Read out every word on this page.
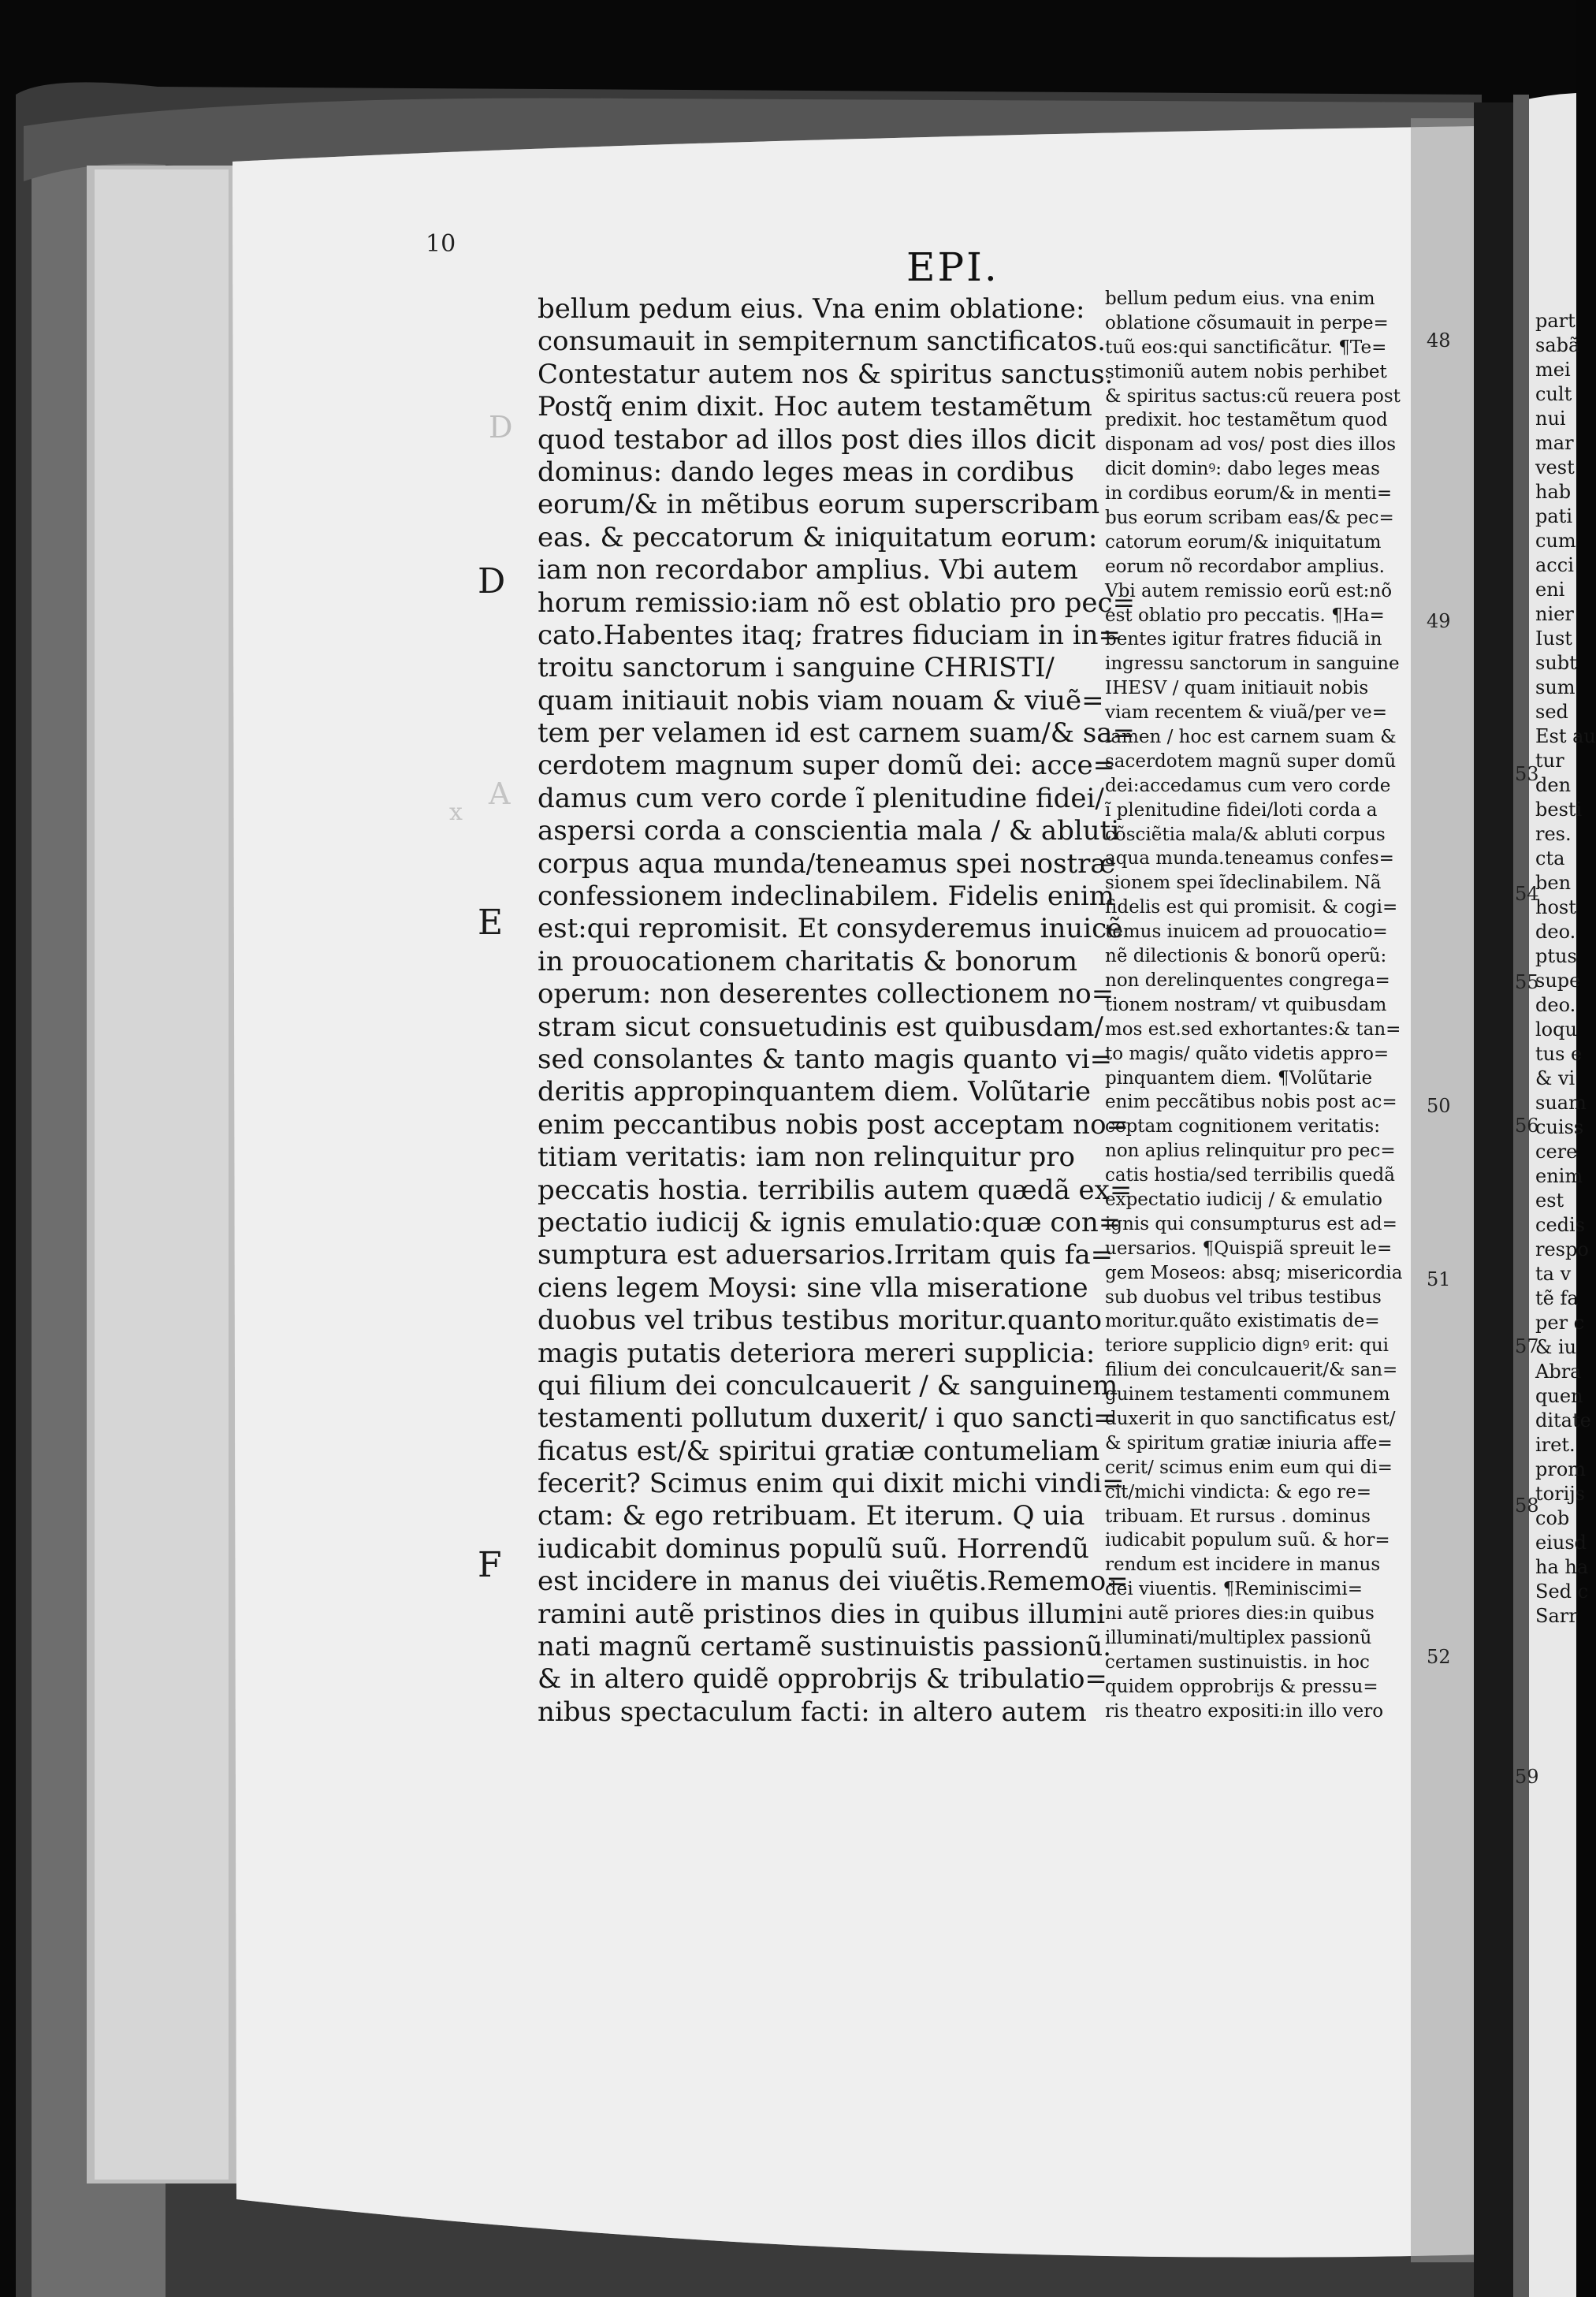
D
A
x
10
EPI.
D
E
F
48
49
50
51
52
53
54
55
56
57
58
59
bellum pedum eius. Vna enim oblatione:
consumauit in sempiternum sanctificatos.
Contestatur autem nos & spiritus sanctus.
Postq̃ enim dixit. Hoc autem testamẽtum
quod testabor ad illos post dies illos dicit
dominus: dando leges meas in cordibus
eorum/& in mẽtibus eorum superscribam
eas. & peccatorum & iniquitatum eorum:
iam non recordabor amplius. Vbi autem
horum remissio:iam nõ est oblatio pro pec=
cato.Habentes itaq; fratres fiduciam in in=
troitu sanctorum i sanguine CHRISTI/
quam initiauit nobis viam nouam & viuẽ=
tem per velamen id est carnem suam/& sa=
cerdotem magnum super domũ dei: acce=
damus cum vero corde ĩ plenitudine fidei/
aspersi corda a conscientia mala / & abluti
corpus aqua munda/teneamus spei nostræ
confessionem indeclinabilem. Fidelis enim
est:qui repromisit. Et consyderemus inuicẽ
in prouocationem charitatis & bonorum
operum: non deserentes collectionem no=
stram sicut consuetudinis est quibusdam/
sed consolantes & tanto magis quanto vi=
deritis appropinquantem diem. Volũtarie
enim peccantibus nobis post acceptam no=
titiam veritatis: iam non relinquitur pro
peccatis hostia. terribilis autem quædã ex=
pectatio iudicij & ignis emulatio:quæ con=
sumptura est aduersarios.Irritam quis fa=
ciens legem Moysi: sine vlla miseratione
duobus vel tribus testibus moritur.quanto
magis putatis deteriora mereri supplicia:
qui filium dei conculcauerit / & sanguinem
testamenti pollutum duxerit/ i quo sancti=
ficatus est/& spiritui gratiæ contumeliam
fecerit? Scimus enim qui dixit michi vindi=
ctam: & ego retribuam. Et iterum. Q uia
iudicabit dominus populũ suũ. Horrendũ
est incidere in manus dei viuẽtis.Rememo=
ramini autẽ pristinos dies in quibus illumi
nati magnũ certamẽ sustinuistis passionũ.
& in altero quidẽ opprobrijs & tribulatio=
nibus spectaculum facti: in altero autem
bellum pedum eius. vna enim
oblatione cõsumauit in perpe=
tuũ eos:qui sanctificãtur. ¶Te=
stimoniũ autem nobis perhibet
& spiritus sactus:cũ reuera post
predixit. hoc testamẽtum quod
disponam ad vos/ post dies illos
dicit dominꝰ: dabo leges meas
in cordibus eorum/& in menti=
bus eorum scribam eas/& pec=
catorum eorum/& iniquitatum
eorum nõ recordabor amplius.
Vbi autem remissio eorũ est:nõ
est oblatio pro peccatis. ¶Ha=
bentes igitur fratres fiduciã in
ingressu sanctorum in sanguine
IHESV / quam initiauit nobis
viam recentem & viuã/per ve=
lamen / hoc est carnem suam &
sacerdotem magnũ super domũ
dei:accedamus cum vero corde
ĩ plenitudine fidei/loti corda a
cõsciẽtia mala/& abluti corpus
aqua munda.teneamus confes=
sionem spei ĩdeclinabilem. Nã
fidelis est qui promisit. & cogi=
temus inuicem ad prouocatio=
nẽ dilectionis & bonorũ operũ:
non derelinquentes congrega=
tionem nostram/ vt quibusdam
mos est.sed exhortantes:& tan=
to magis/ quãto videtis appro=
pinquantem diem. ¶Volũtarie
enim peccãtibus nobis post ac=
ceptam cognitionem veritatis:
non aplius relinquitur pro pec=
catis hostia/sed terribilis quedã
expectatio iudicij / & emulatio
ignis qui consumpturus est ad=
uersarios. ¶Quispiã spreuit le=
gem Moseos: absq; misericordia
sub duobus vel tribus testibus
moritur.quãto existimatis de=
teriore supplicio dignꝰ erit: qui
filium dei conculcauerit/& san=
guinem testamenti communem
duxerit in quo sanctificatus est/
& spiritum gratiæ iniuria affe=
cerit/ scimus enim eum qui di=
cit/michi vindicta: & ego re=
tribuam. Et rursus . dominus
iudicabit populum suũ. & hor=
rendum est incidere in manus
dei viuentis. ¶Reminiscimi=
ni autẽ priores dies:in quibus
illuminati/multiplex passionũ
certamen sustinuistis. in hoc
quidem opprobrijs & pressu=
ris theatro expositi:in illo vero
part
sabã
mei
cult
nui
mar
vest
hab
pati
cum
acci
eni
nier
Iust
subt
sum
sed
Est au
tur
den
besti
res.
cta
ben
host
deo.
ptus
supe
deo.
loqu
tus e
& vi
suam
cuiss
cere
enim
est
cedis
respo
ta v
tẽ fa
per c
& iu
Abra
quen
ditate
iret.
prom
torijs
cob
eiusd
ha ha
Sed c
Sarr
